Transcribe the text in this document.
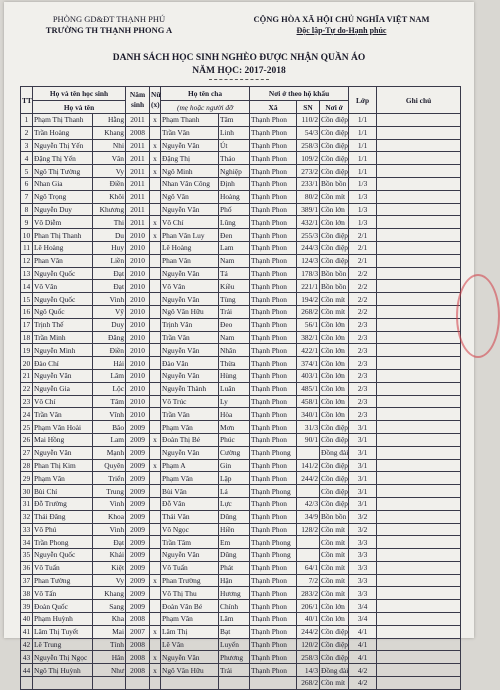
PHÒNG GD&ĐT THẠNH PHÚ
TRƯỜNG TH THẠNH PHONG A
CỘNG HÒA XÃ HỘI CHỦ NGHĨA VIỆT NAM
Độc lập-Tự do-Hạnh phúc
DANH SÁCH HỌC SINH NGHÈO ĐƯỢC NHẬN QUẦN ÁO
NĂM HỌC: 2017-2018
TT	Họ và tên học sinh		Năm sinh	Nữ (x)	Họ tên cha		Nơi ở theo hộ khẩu			Lớp	Ghi chú
	Họ và tên				(mẹ hoặc người đỡ		Xã	SN	Nơi ở		
1	Phạm Thị Thanh	Hằng	2011	x	Phạm Thanh	Tâm	Thạnh Phon	110/2	Cồn điệp	1/1	
2	Trần Hoàng	Khang	2008		Trần Văn	Linh	Thạnh Phon	54/3	Cồn điệp	1/1	
3	Nguyễn Thị Yến	Nhi	2011	x	Nguyễn Văn	Út	Thạnh Phon	258/3	Cồn điệp	1/1	
4	Đặng Thị Yến	Vân	2011	x	Đặng Thị	Thảo	Thạnh Phon	109/2	Cồn điệp	1/1	
5	Ngô Thị Tường	Vy	2011	x	Ngô Minh	Nghiệp	Thạnh Phon	273/2	Cồn điệp	1/1	
6	Nhan Gia	Điền	2011		Nhan Văn Công	Định	Thạnh Phon	233/1	Bồn bồn	1/3	
7	Ngô Trọng	Khôi	2011		Ngô Văn	Hoàng	Thạnh Phon	80/2	Cồn mít	1/3	
8	Nguyễn Duy	Khương	2011		Nguyễn Văn	Phố	Thạnh Phon	389/1	Cồn lớn	1/3	
9	Võ Diễm	Thi	2011	x	Võ Chí	Lũng	Thạnh Phon	432/1	Cồn lớn	1/3	
10	Phan Thị Thanh	Du	2010	x	Phan Văn Luy	Đen	Thạnh Phon	255/3	Cồn điệp	2/1	
11	Lê Hoàng	Huy	2010		Lê Hoàng	Lam	Thạnh Phon	244/3	Cồn điệp	2/1	
12	Phan Văn	Liền	2010		Phan Văn	Nam	Thạnh Phon	124/3	Cồn điệp	2/1	
13	Nguyễn Quốc	Đạt	2010		Nguyễn Văn	Tá	Thạnh Phon	178/3	Bồn bồn	2/2	
14	Võ Văn	Đạt	2010		Võ Văn	Kiều	Thạnh Phon	221/1	Bồn bồn	2/2	
15	Nguyễn Quốc	Vinh	2010		Nguyễn Văn	Tùng	Thạnh Phon	194/2	Cồn mít	2/2	
16	Ngô Quốc	Vỹ	2010		Ngô Văn Hữu	Trải	Thạnh Phon	268/2	Cồn mít	2/2	
17	Trịnh Thế	Duy	2010		Trịnh Văn	Đeo	Thạnh Phon	56/1	Cồn lớn	2/3	
18	Trần Minh	Đăng	2010		Trần Văn	Nam	Thạnh Phon	382/1	Cồn lớn	2/3	
19	Nguyễn Minh	Điền	2010		Nguyễn Văn	Nhân	Thạnh Phon	422/1	Cồn lớn	2/3	
20	Đào Chí	Hải	2010		Đào Văn	Thừa	Thạnh Phon	374/1	Cồn lớn	2/3	
21	Nguyễn Văn	Lâm	2010		Nguyễn Văn	Hùng	Thạnh Phon	403/1	Cồn lớn	2/3	
22	Nguyễn Gia	Lộc	2010		Nguyễn Thành	Luân	Thạnh Phon	485/1	Cồn lớn	2/3	
23	Võ Chí	Tâm	2010		Võ Trúc	Ly	Thạnh Phon	458/1	Cồn lớn	2/3	
24	Trần Văn	Vĩnh	2010		Trần Văn	Hòa	Thạnh Phon	340/1	Cồn lớn	2/3	
25	Phạm Văn Hoài	Bão	2009		Phạm Văn	Mơn	Thạnh Phon	31/3	Cồn điệp	3/1	
26	Mai Hồng	Lam	2009	x	Đoàn Thị Bé	Phúc	Thạnh Phon	90/1	Cồn điệp	3/1	
27	Nguyễn Văn	Mạnh	2009		Nguyễn Văn	Cường	Thạnh Phong		Đồng đài	3/1	
28	Phan Thị Kim	Quyên	2009	x	Phạm A	Gin	Thạnh Phon	141/2	Cồn điệp	3/1	
29	Phạm Văn	Triển	2009		Phạm Văn	Lập	Thạnh Phon	244/2	Cồn điệp	3/1	
30	Bùi Chí	Trung	2009		Bùi Văn	Lá	Thạnh Phong		Cồn điệp	3/1	
31	Đỗ Trường	Vinh	2009		Đỗ Văn	Lực	Thạnh Phon	42/3	Cồn điệp	3/1	
32	Thái Đăng	Khoa	2009		Thái Văn	Dũng	Thạnh Phon	34/9	Bồn bồn	3/2	
33	Võ Phú	Vinh	2009		Võ Ngọc	Hiền	Thạnh Phon	128/2	Cồn mít	3/2	
34	Trần Phong	Đạt	2009		Trần Tâm	Em	Thạnh Phong		Cồn mít	3/3	
35	Nguyễn Quốc	Khải	2009		Nguyễn Văn	Dũng	Thạnh Phong		Cồn mít	3/3	
36	Võ Tuấn	Kiệt	2009		Võ Tuấn	Phát	Thạnh Phon	64/1	Cồn mít	3/3	
37	Phan Tường	Vy	2009	x	Phan Trường	Hận	Thạnh Phon	7/2	Cồn mít	3/3	
38	Võ Tấn	Khang	2009		Võ Thị Thu	Hương	Thạnh Phon	283/2	Cồn mít	3/3	
39	Đoàn Quốc	Sang	2009		Đoàn Văn Bé	Chính	Thạnh Phon	206/1	Cồn lớn	3/4	
40	Phạm Huỳnh	Kha	2008		Phạm Văn	Lâm	Thạnh Phon	40/1	Cồn lớn	3/4	
41	Lâm Thị Tuyết	Mai	2007	x	Lâm Thị	Bạt	Thạnh Phon	244/2	Cồn điệp	4/1	
42	Lê Trung	Tính	2008		Lê Văn	Luyến	Thạnh Phon	120/2	Cồn điệp	4/1	
43	Nguyễn Thị Ngọc	Hân	2008	x	Nguyễn Văn	Phương	Thạnh Phon	258/3	Cồn điệp	4/1	
44	Ngô Thị Huỳnh	Như	2008	x	Ngô Văn Hữu	Trải	Thạnh Phon	14/3	Đồng đài	4/2	
								268/2	Cồn mít	4/2	
